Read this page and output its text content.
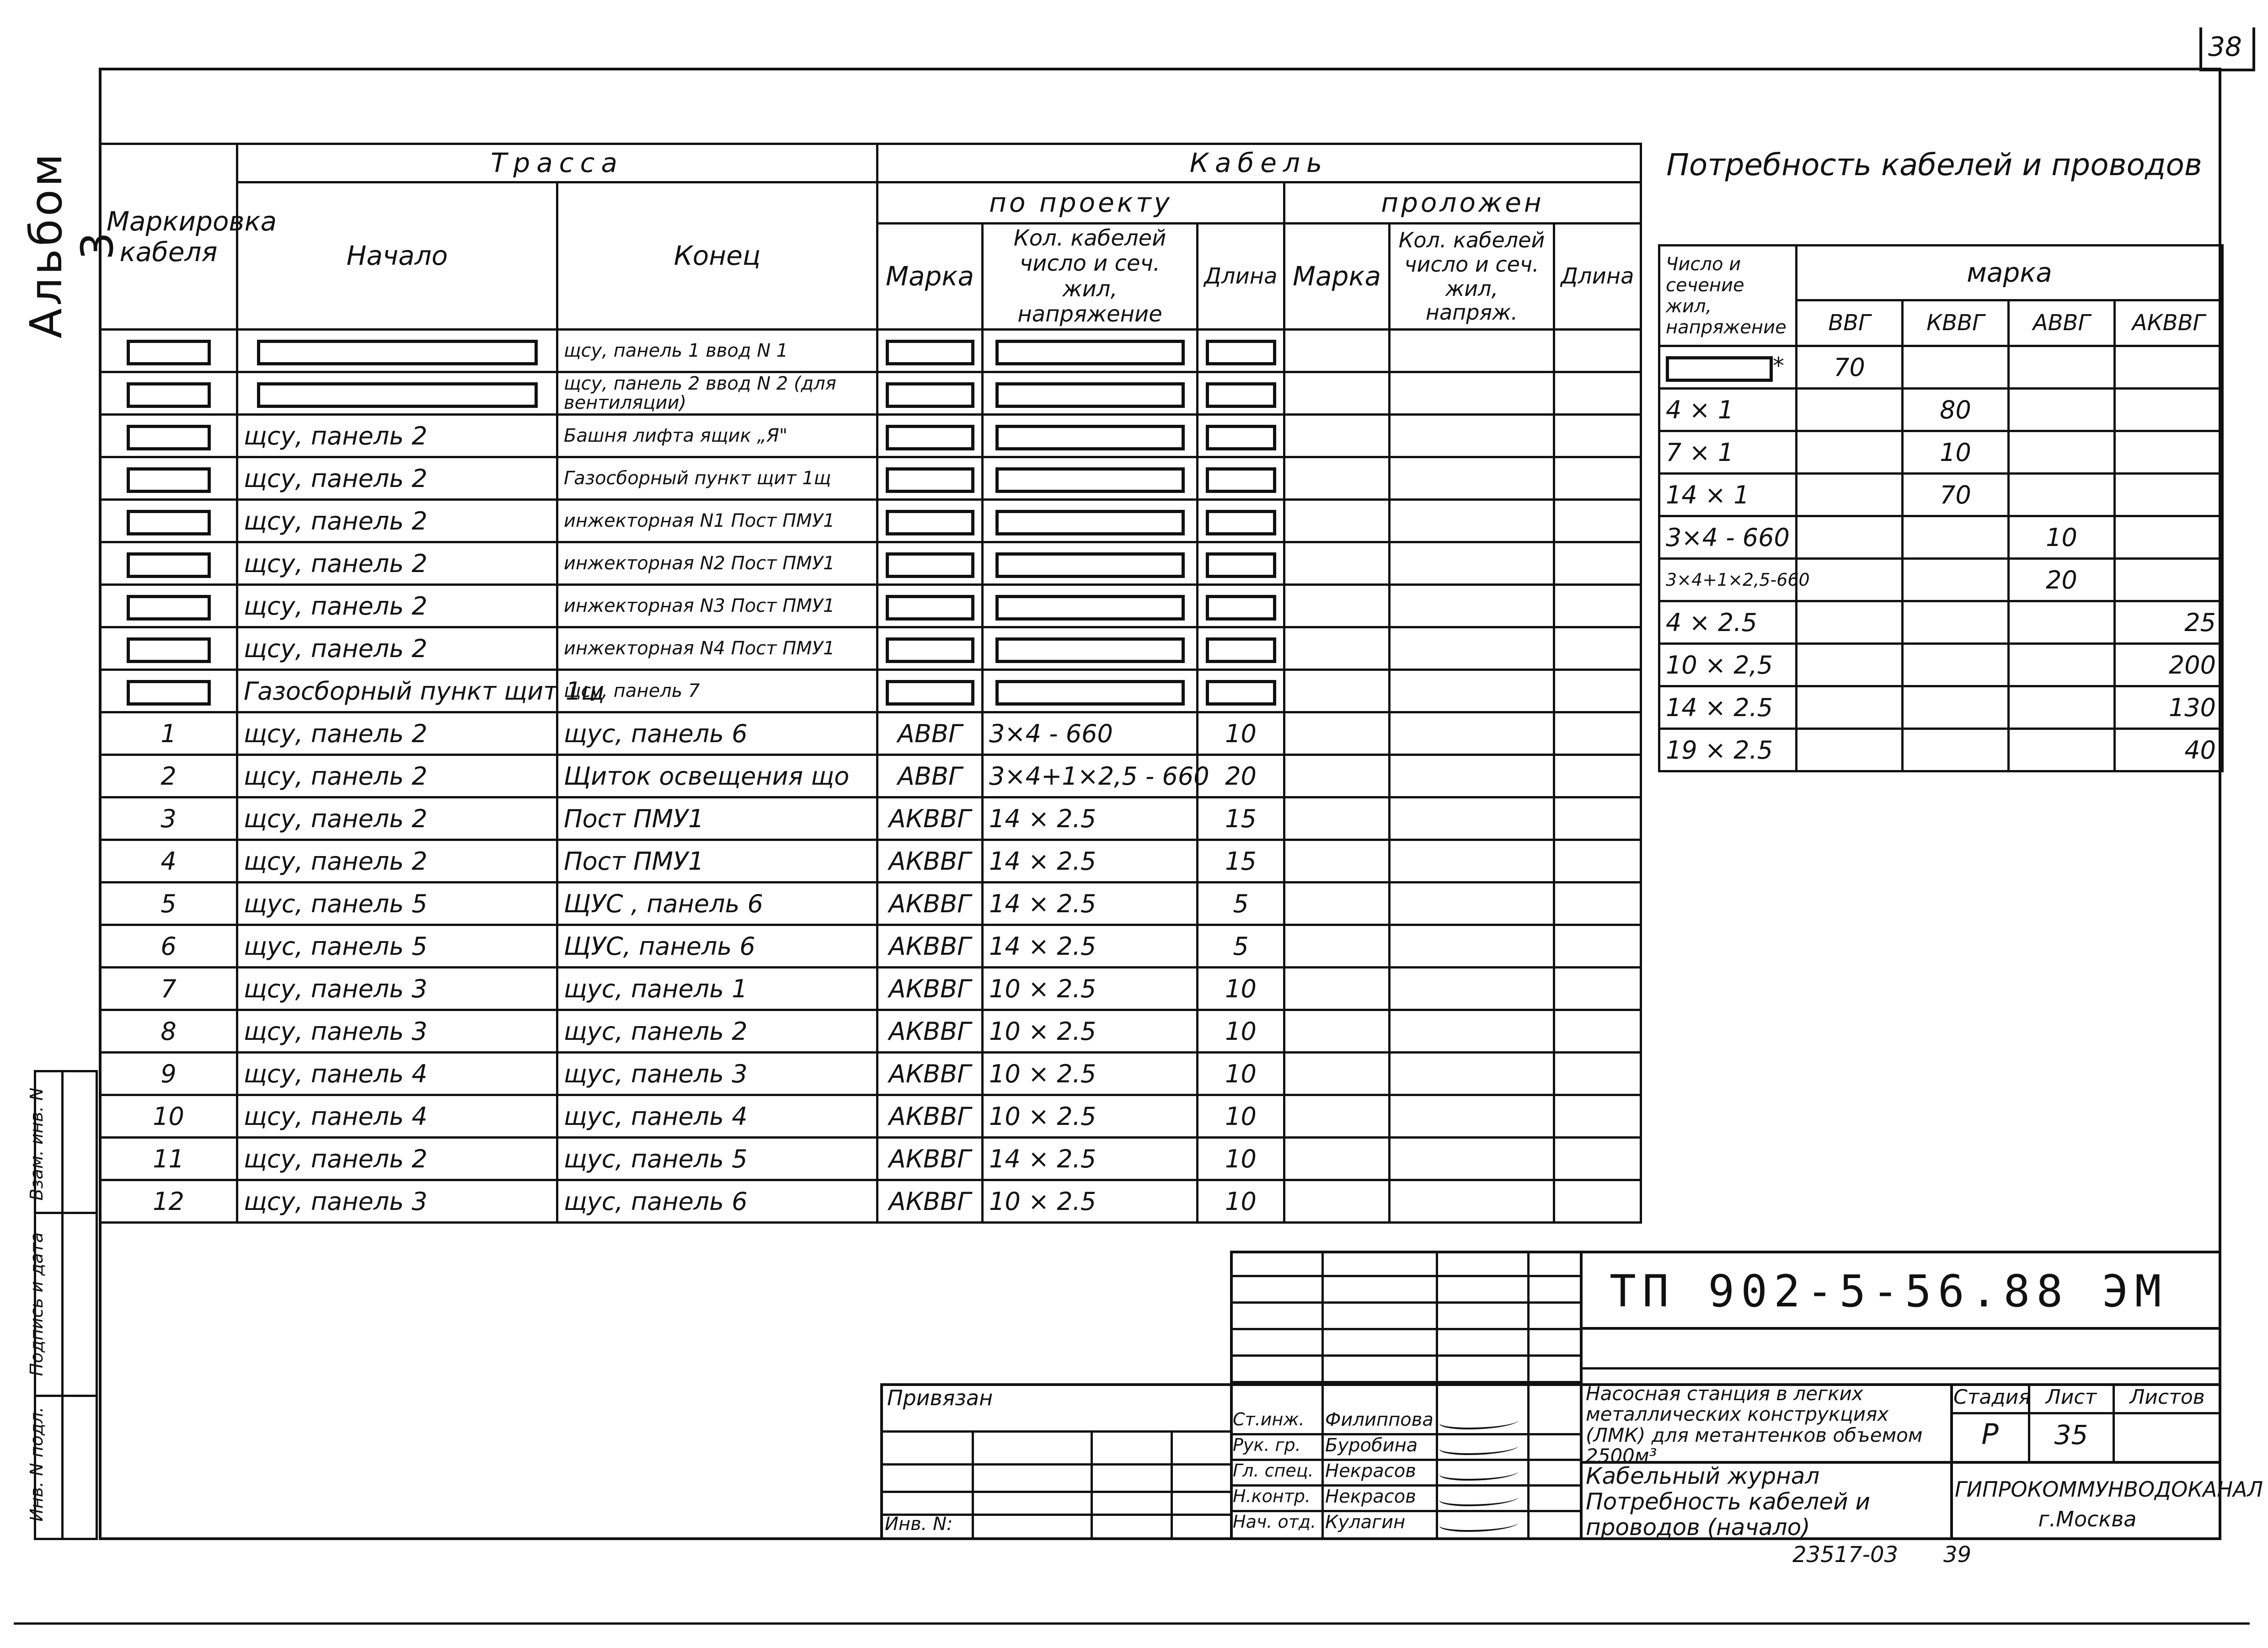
38
Альбом 3
Инв. N подл.
Подпись и дата
Взам. инв. N
Маркировка кабеля	Трасса		Кабель					
	Начало	Конец	по проекту			проложен		
			Марка	Кол. кабелей число и сеч. жил, напряжение	Длина	Марка	Кол. кабелей число и сеч. жил, напряж.	Длина
		щсу, панель 1 ввод N 1						
		щсу, панель 2 ввод N 2 (для вентиляции)						
	щсу, панель 2	Башня лифта ящик „Я"						
	щсу, панель 2	Газосборный пункт щит 1щ						
	щсу, панель 2	инжекторная N1 Пост ПМУ1						
	щсу, панель 2	инжекторная N2 Пост ПМУ1						
	щсу, панель 2	инжекторная N3 Пост ПМУ1						
	щсу, панель 2	инжекторная N4 Пост ПМУ1						
	Газосборный пункт щит 1щ	щсу, панель 7						
1	щсу, панель 2	щус, панель 6	АВВГ	3×4 - 660	10			
2	щсу, панель 2	Щиток освещения що	АВВГ	3×4+1×2,5 - 660	20			
3	щсу, панель 2	Пост ПМУ1	АКВВГ	14 × 2.5	15			
4	щсу, панель 2	Пост ПМУ1	АКВВГ	14 × 2.5	15			
5	щус, панель 5	ЩУС , панель 6	АКВВГ	14 × 2.5	5			
6	щус, панель 5	ЩУС, панель 6	АКВВГ	14 × 2.5	5			
7	щсу, панель 3	щус, панель 1	АКВВГ	10 × 2.5	10			
8	щсу, панель 3	щус, панель 2	АКВВГ	10 × 2.5	10			
9	щсу, панель 4	щус, панель 3	АКВВГ	10 × 2.5	10			
10	щсу, панель 4	щус, панель 4	АКВВГ	10 × 2.5	10			
11	щсу, панель 2	щус, панель 5	АКВВГ	14 × 2.5	10			
12	щсу, панель 3	щус, панель 6	АКВВГ	10 × 2.5	10			
Потребность кабелей и проводов
Число и сечение жил, напряжение	марка			
	ВВГ	КВВГ	АВВГ	АКВВГ
*	70			
4 × 1		80		
7 × 1		10		
14 × 1		70		
3×4 - 660			10	
3×4+1×2,5-660			20	
4 × 2.5				25
10 × 2,5				200
14 × 2.5				130
19 × 2.5				40
ТП 902-5-56.88 ЭМ
Привязан
Инв. N:
Ст.инж.	Филиппова
Рук. гр.	Буробина
Гл. спец. Некрасов
Н.контр. Некрасов
Нач. отд. Кулагин
Насосная станция в легких металлических конструкциях (ЛМК) для метантенков объемом 2500м³
Кабельный журнал Потребность кабелей и проводов (начало)
Стадия Лист	Листов
Р	35
ГИПРОКОММУНВОДОКАНАЛ
г.Москва
23517-03 39
